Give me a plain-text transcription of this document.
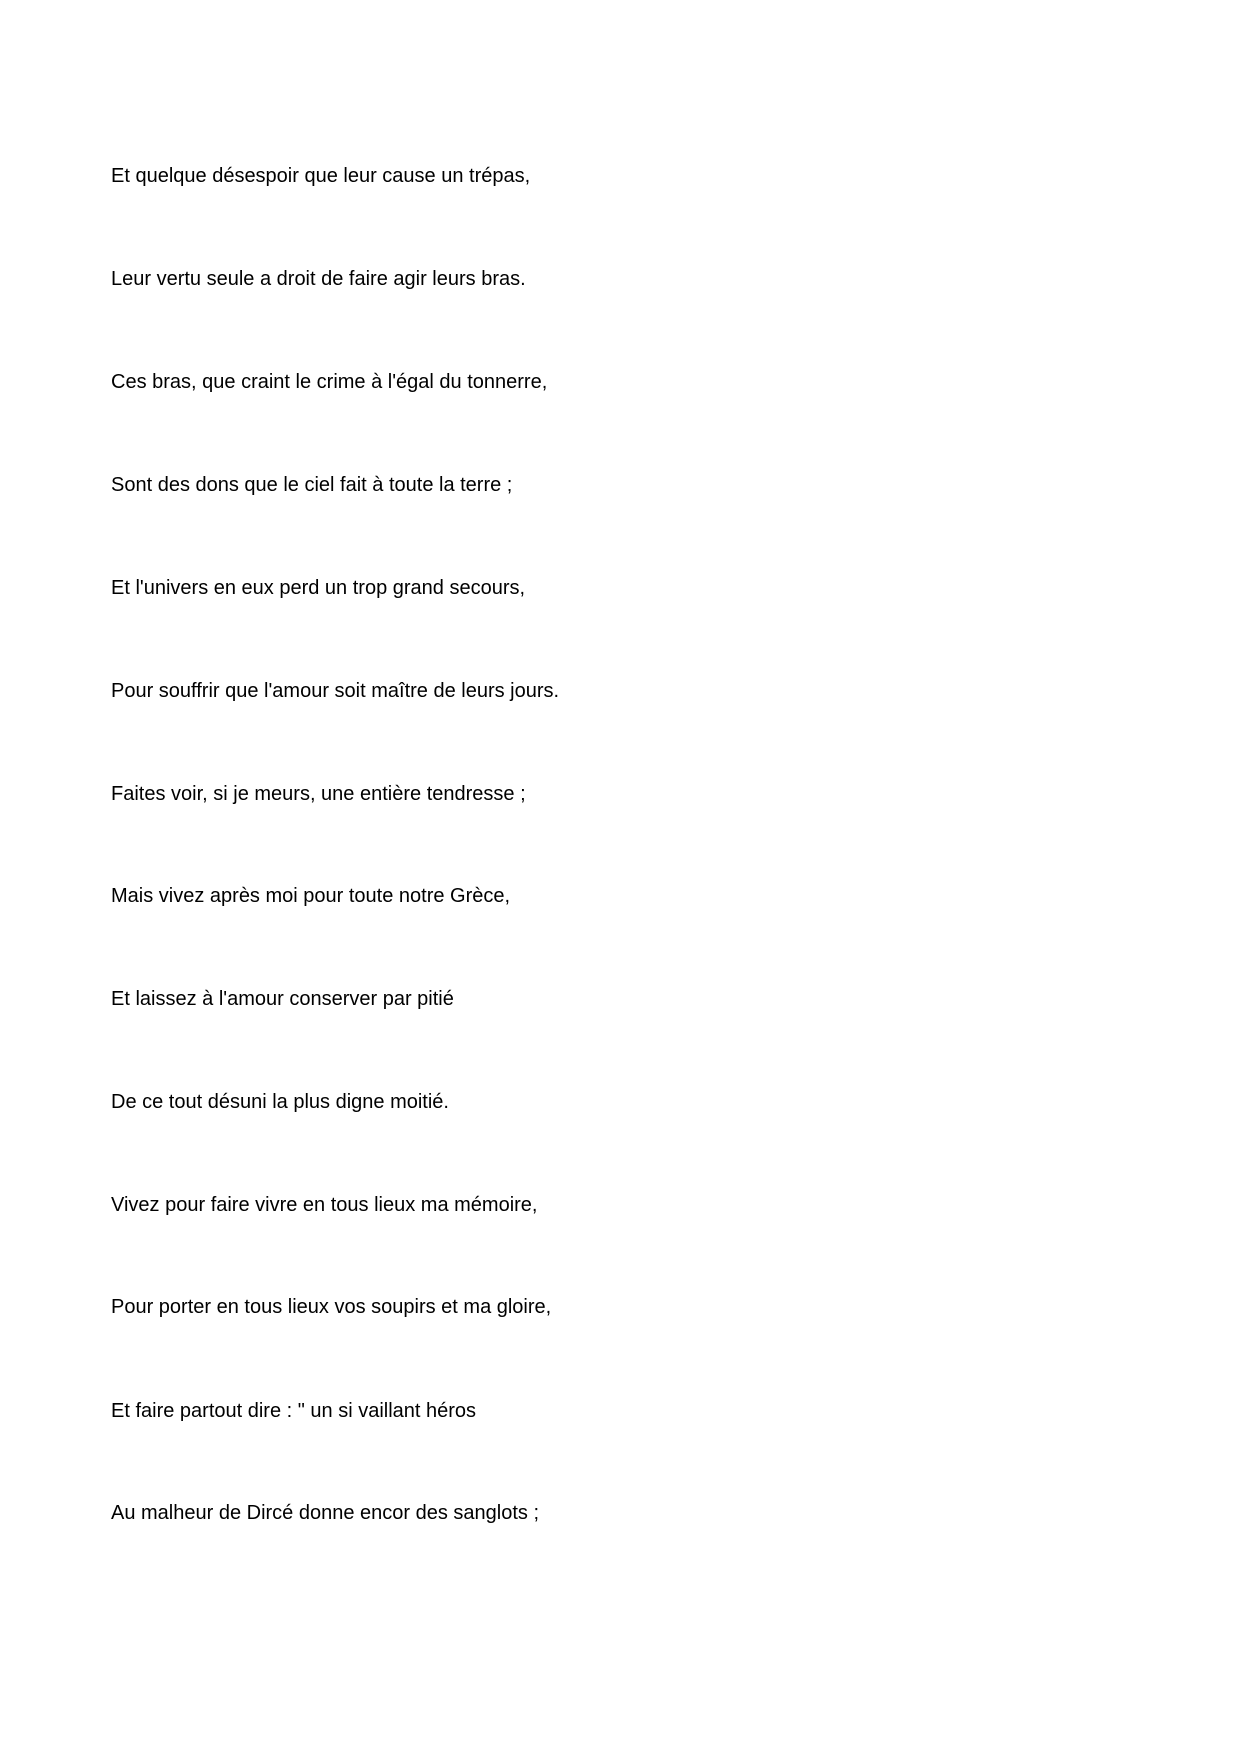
Et quelque désespoir que leur cause un trépas,

Leur vertu seule a droit de faire agir leurs bras.

Ces bras, que craint le crime à l'égal du tonnerre,

Sont des dons que le ciel fait à toute la terre ;

Et l'univers en eux perd un trop grand secours,

Pour souffrir que l'amour soit maître de leurs jours.

Faites voir, si je meurs, une entière tendresse ;

Mais vivez après moi pour toute notre Grèce,

Et laissez à l'amour conserver par pitié

De ce tout désuni la plus digne moitié.

Vivez pour faire vivre en tous lieux ma mémoire,

Pour porter en tous lieux vos soupirs et ma gloire,

Et faire partout dire : " un si vaillant héros

Au malheur de Dircé donne encor des sanglots ;
